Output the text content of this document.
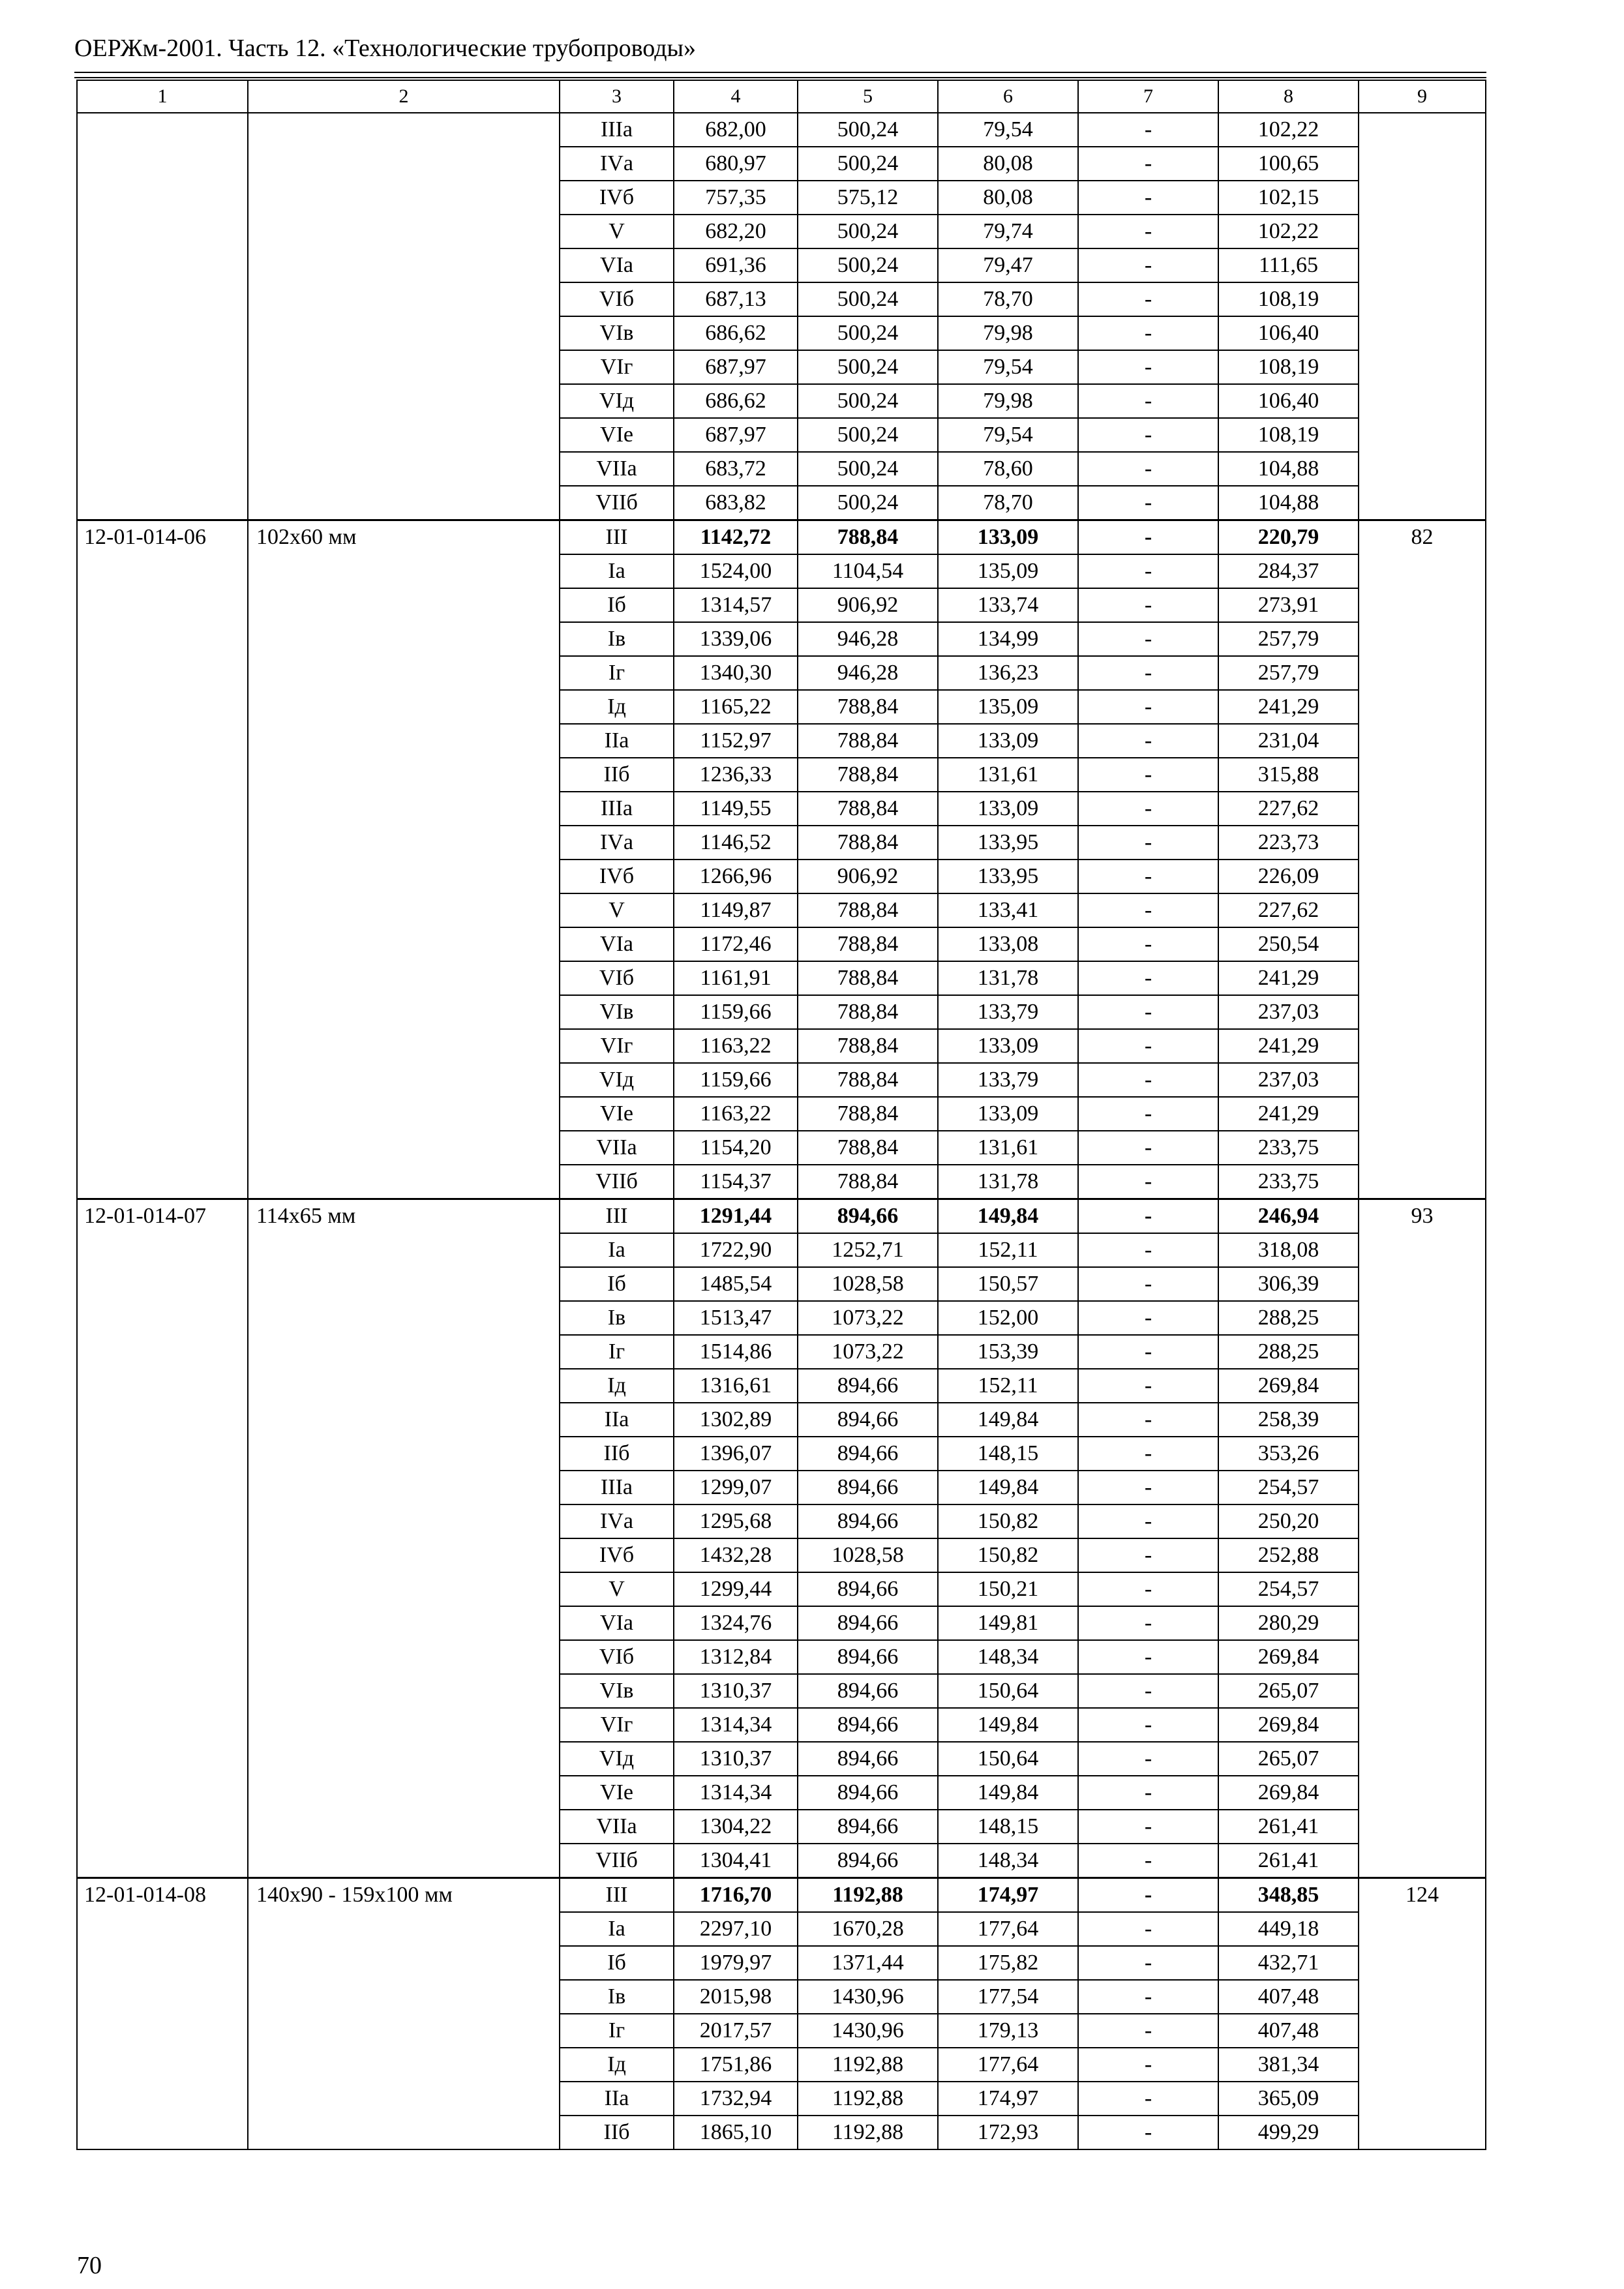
ОЕРЖм-2001. Часть 12. «Технологические трубопроводы»
1	2	3	4	5	6	7	8	9
		IIIа	682,00	500,24	79,54	-	102,22	
		IVа	680,97	500,24	80,08	-	100,65	
		IVб	757,35	575,12	80,08	-	102,15	
		V	682,20	500,24	79,74	-	102,22	
		VIа	691,36	500,24	79,47	-	111,65	
		VIб	687,13	500,24	78,70	-	108,19	
		VIв	686,62	500,24	79,98	-	106,40	
		VIг	687,97	500,24	79,54	-	108,19	
		VIд	686,62	500,24	79,98	-	106,40	
		VIе	687,97	500,24	79,54	-	108,19	
		VIIа	683,72	500,24	78,60	-	104,88	
		VIIб	683,82	500,24	78,70	-	104,88	
12-01-014-06	102x60 мм	III	1142,72	788,84	133,09	-	220,79	82
		Iа	1524,00	1104,54	135,09	-	284,37	
		Iб	1314,57	906,92	133,74	-	273,91	
		Iв	1339,06	946,28	134,99	-	257,79	
		Iг	1340,30	946,28	136,23	-	257,79	
		Iд	1165,22	788,84	135,09	-	241,29	
		IIа	1152,97	788,84	133,09	-	231,04	
		IIб	1236,33	788,84	131,61	-	315,88	
		IIIа	1149,55	788,84	133,09	-	227,62	
		IVа	1146,52	788,84	133,95	-	223,73	
		IVб	1266,96	906,92	133,95	-	226,09	
		V	1149,87	788,84	133,41	-	227,62	
		VIа	1172,46	788,84	133,08	-	250,54	
		VIб	1161,91	788,84	131,78	-	241,29	
		VIв	1159,66	788,84	133,79	-	237,03	
		VIг	1163,22	788,84	133,09	-	241,29	
		VIд	1159,66	788,84	133,79	-	237,03	
		VIе	1163,22	788,84	133,09	-	241,29	
		VIIа	1154,20	788,84	131,61	-	233,75	
		VIIб	1154,37	788,84	131,78	-	233,75	
12-01-014-07	114x65 мм	III	1291,44	894,66	149,84	-	246,94	93
		Iа	1722,90	1252,71	152,11	-	318,08	
		Iб	1485,54	1028,58	150,57	-	306,39	
		Iв	1513,47	1073,22	152,00	-	288,25	
		Iг	1514,86	1073,22	153,39	-	288,25	
		Iд	1316,61	894,66	152,11	-	269,84	
		IIа	1302,89	894,66	149,84	-	258,39	
		IIб	1396,07	894,66	148,15	-	353,26	
		IIIа	1299,07	894,66	149,84	-	254,57	
		IVа	1295,68	894,66	150,82	-	250,20	
		IVб	1432,28	1028,58	150,82	-	252,88	
		V	1299,44	894,66	150,21	-	254,57	
		VIа	1324,76	894,66	149,81	-	280,29	
		VIб	1312,84	894,66	148,34	-	269,84	
		VIв	1310,37	894,66	150,64	-	265,07	
		VIг	1314,34	894,66	149,84	-	269,84	
		VIд	1310,37	894,66	150,64	-	265,07	
		VIе	1314,34	894,66	149,84	-	269,84	
		VIIа	1304,22	894,66	148,15	-	261,41	
		VIIб	1304,41	894,66	148,34	-	261,41	
12-01-014-08	140x90 - 159x100 мм	III	1716,70	1192,88	174,97	-	348,85	124
		Iа	2297,10	1670,28	177,64	-	449,18	
		Iб	1979,97	1371,44	175,82	-	432,71	
		Iв	2015,98	1430,96	177,54	-	407,48	
		Iг	2017,57	1430,96	179,13	-	407,48	
		Iд	1751,86	1192,88	177,64	-	381,34	
		IIа	1732,94	1192,88	174,97	-	365,09	
		IIб	1865,10	1192,88	172,93	-	499,29	
70
